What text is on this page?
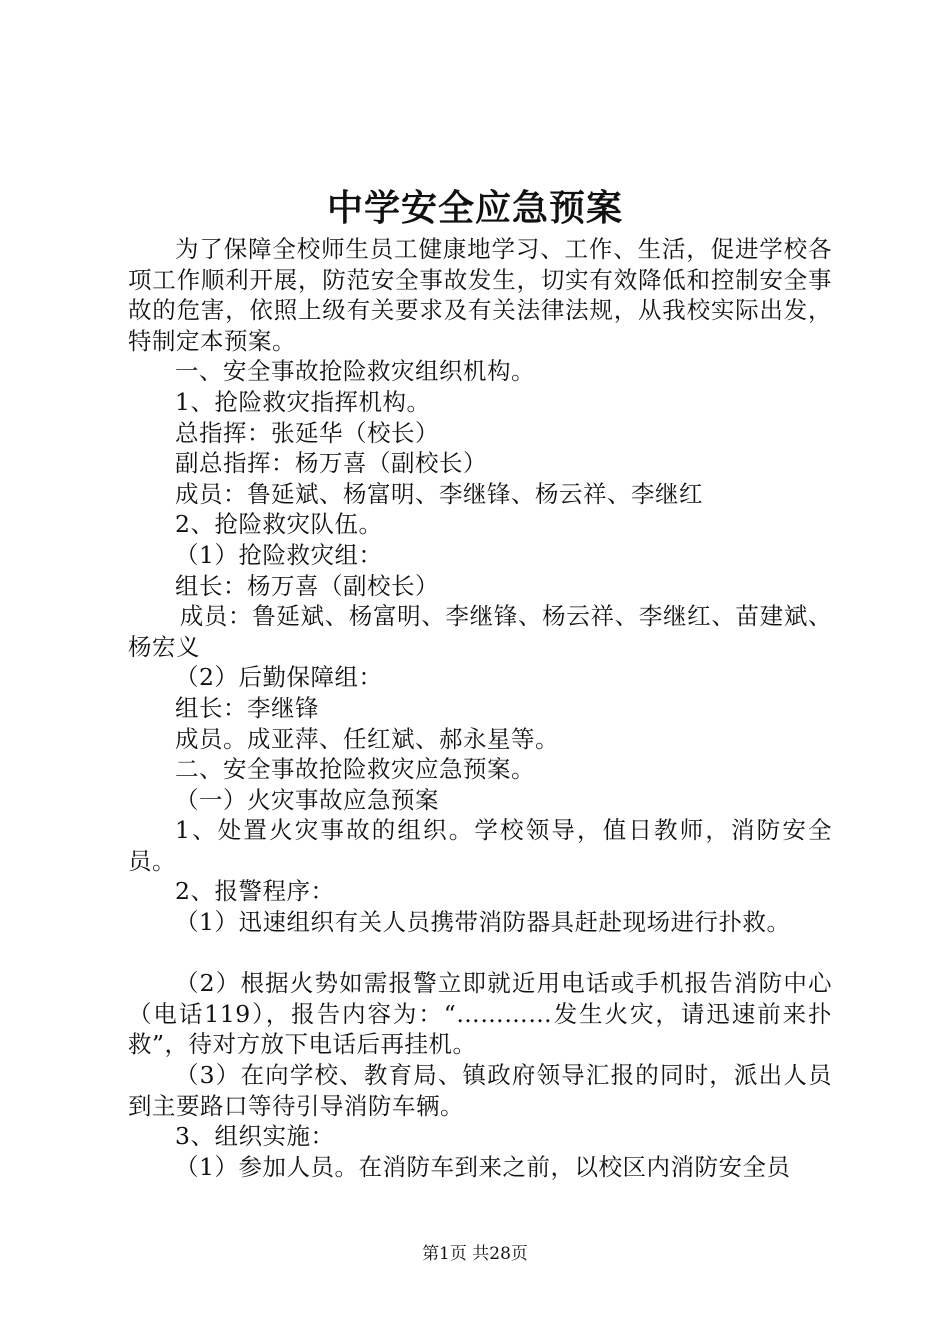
中学安全应急预案

为了保障全校师生员工健康地学习、工作、生活，促进学校各项工作顺利开展，防范安全事故发生，切实有效降低和控制安全事故的危害，依照上级有关要求及有关法律法规，从我校实际出发，特制定本预案。

一、安全事故抢险救灾组织机构。

1、抢险救灾指挥机构。

总指挥：张延华（校长）

副总指挥：杨万喜（副校长）

成员：鲁延斌、杨富明、李继锋、杨云祥、李继红

2、抢险救灾队伍。

（1）抢险救灾组：

组长：杨万喜（副校长）

成员：鲁延斌、杨富明、李继锋、杨云祥、李继红、苗建斌、杨宏义

（2）后勤保障组：

组长：李继锋

成员。成亚萍、任红斌、郝永星等。

二、安全事故抢险救灾应急预案。

（一）火灾事故应急预案

1、处置火灾事故的组织。学校领导，值日教师，消防安全员。

2、报警程序：

（1）迅速组织有关人员携带消防器具赶赴现场进行扑救。

（2）根据火势如需报警立即就近用电话或手机报告消防中心（电话119），报告内容为：“…………发生火灾，请迅速前来扑救”，待对方放下电话后再挂机。

（3）在向学校、教育局、镇政府领导汇报的同时，派出人员到主要路口等待引导消防车辆。

3、组织实施：

（1）参加人员。在消防车到来之前，以校区内消防安全员

第1页 共28页
